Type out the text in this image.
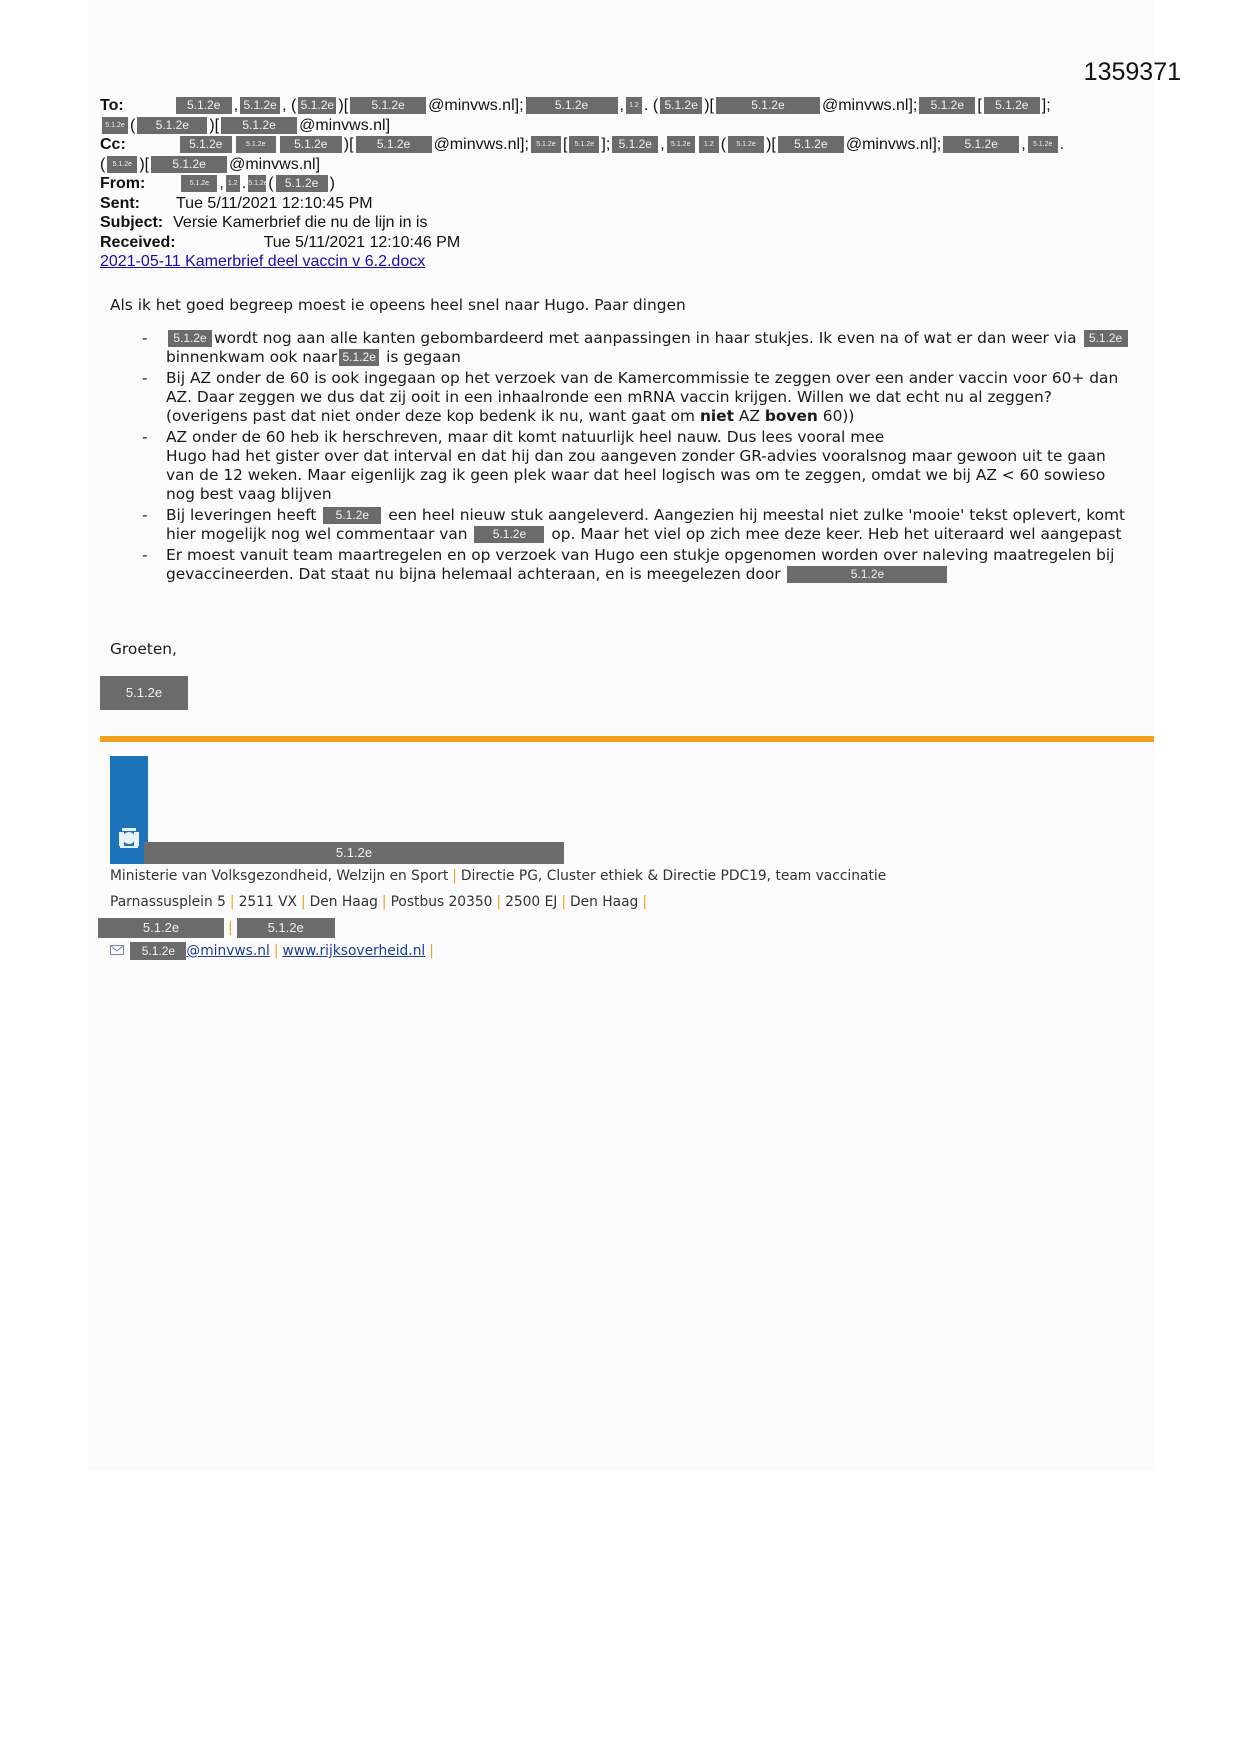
1359371
To:	5.1.2e , 5.1.2e , ( 5.1.2e )[	5.1.2e	@minvws.nl];	5.1.2e	, 1.2 . ( 5.1.2e )[	5.1.2e	@minvws.nl];	5.1.2e [	5.1.2e ];
5.1.2e (	5.1.2e	)[	5.1.2e	@minvws.nl]
Cc:	5.1.2e	5.1.2e	5.1.2e	)[	5.1.2e	@minvws.nl];	5.1.2e [	5.1.2e ]; 5.1.2e , 5.1.2e	1.2 (	5.1.2e )[	5.1.2e	@minvws.nl];	5.1.2e	,	5.1.2e .
(	5.1.2e )[	5.1.2e	@minvws.nl]
From:	5.1.2e , 1.2 . 5.1.2e ( 5.1.2e )
Sent: Tue 5/11/2021 12:10:45 PM
Subject: Versie Kamerbrief die nu de lijn in is
Received:	Tue 5/11/2021 12:10:46 PM
2021-05-11 Kamerbrief deel vaccin v 6.2.docx

Als ik het goed begreep moest ie opeens heel snel naar Hugo. Paar dingen

- 5.1.2e wordt nog aan alle kanten gebombardeerd met aanpassingen in haar stukjes. Ik even na of wat er dan weer via 5.1.2ebinnenkwam ook naar 5.1.2e is gegaan
- Bij AZ onder de 60 is ook ingegaan op het verzoek van de Kamercommissie te zeggen over een ander vaccin voor 60+ dan AZ. Daar zeggen we dus dat zij ooit in een inhaalronde een mRNA vaccin krijgen. Willen we dat echt nu al zeggen? (overigens past dat niet onder deze kop bedenk ik nu, want gaat om niet AZ boven 60))
- AZ onder de 60 heb ik herschreven, maar dit komt natuurlijk heel nauw. Dus lees vooral mee
Hugo had het gister over dat interval en dat hij dan zou aangeven zonder GR-advies vooralsnog maar gewoon uit te gaan van de 12 weken. Maar eigenlijk zag ik geen plek waar dat heel logisch was om te zeggen, omdat we bij AZ < 60 sowieso nog best vaag blijven
- Bij leveringen heeft 5.1.2e een heel nieuw stuk aangeleverd. Aangezien hij meestal niet zulke 'mooie' tekst oplevert, komt hier mogelijk nog wel commentaar van 5.1.2e op. Maar het viel op zich mee deze keer. Heb het uiteraard wel aangepast
- Er moest vanuit team maartregelen en op verzoek van Hugo een stukje opgenomen worden over naleving maatregelen bij gevaccineerden. Dat staat nu bijna helemaal achteraan, en is meegelezen door	5.1.2e
Groeten,
5.1.2e
5.1.2e
Ministerie van Volksgezondheid, Welzijn en Sport | Directie PG, Cluster ethiek & Directie PDC19, team vaccinatie
Parnassusplein 5 | 2511 VX | Den Haag | Postbus 20350 | 2500 EJ | Den Haag |
5.1.2e	|	5.1.2e
5.1.2e @minvws.nl | www.rijksoverheid.nl |
